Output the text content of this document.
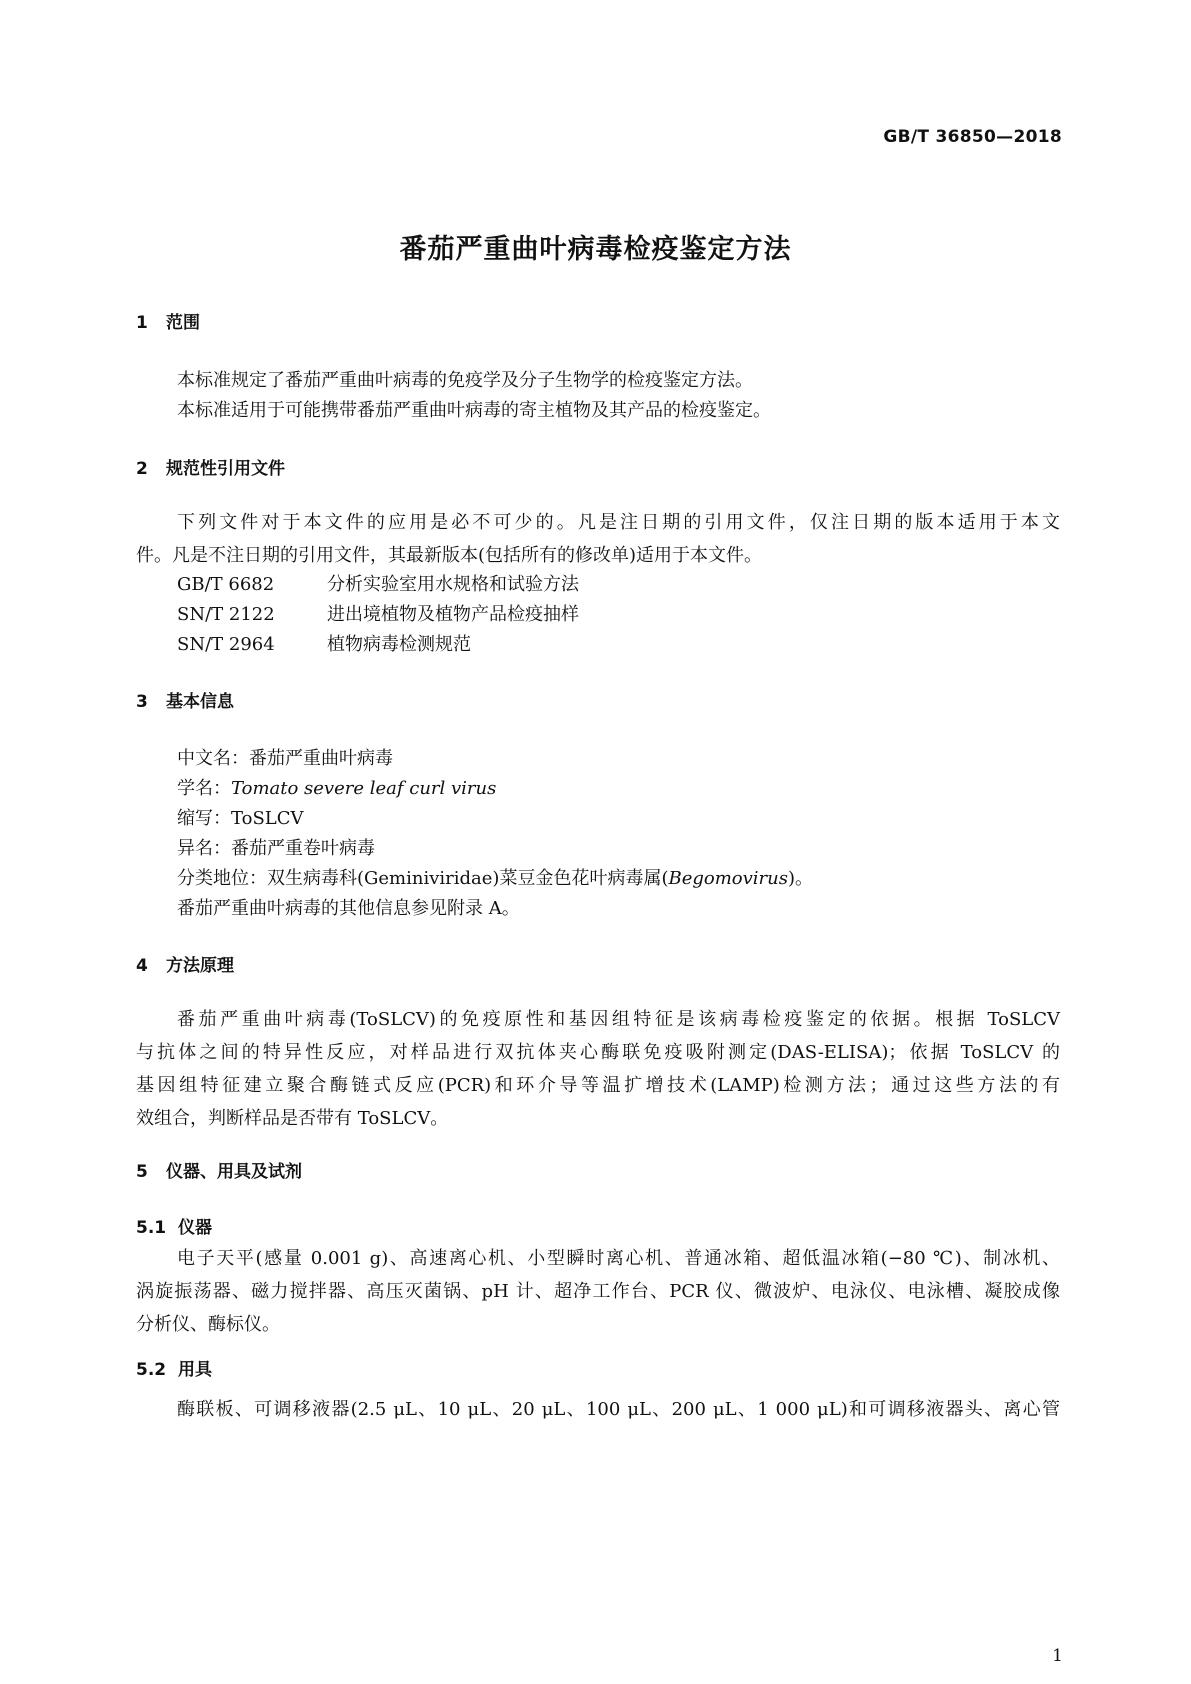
GB/T 36850—2018
番茄严重曲叶病毒检疫鉴定方法
1 范围
本标准规定了番茄严重曲叶病毒的免疫学及分子生物学的检疫鉴定方法。
本标准适用于可能携带番茄严重曲叶病毒的寄主植物及其产品的检疫鉴定。
2 规范性引用文件
下列文件对于本文件的应用是必不可少的。凡是注日期的引用文件，仅注日期的版本适用于本文
件。凡是不注日期的引用文件，其最新版本(包括所有的修改单)适用于本文件。
GB/T 6682	分析实验室用水规格和试验方法
SN/T 2122	进出境植物及植物产品检疫抽样
SN/T 2964	植物病毒检测规范
3 基本信息
中文名：番茄严重曲叶病毒
学名：Tomato severe leaf curl virus
缩写：ToSLCV
异名：番茄严重卷叶病毒
分类地位：双生病毒科(Geminiviridae)菜豆金色花叶病毒属(Begomovirus)。
番茄严重曲叶病毒的其他信息参见附录 A。
4 方法原理
番茄严重曲叶病毒(ToSLCV)的免疫原性和基因组特征是该病毒检疫鉴定的依据。根据 ToSLCV
与抗体之间的特异性反应，对样品进行双抗体夹心酶联免疫吸附测定(DAS-ELISA)；依据 ToSLCV 的
基因组特征建立聚合酶链式反应(PCR)和环介导等温扩增技术(LAMP)检测方法；通过这些方法的有
效组合，判断样品是否带有 ToSLCV。
5 仪器、用具及试剂
5.1 仪器
电子天平(感量 0.001 g)、高速离心机、小型瞬时离心机、普通冰箱、超低温冰箱(−80 ℃)、制冰机、
涡旋振荡器、磁力搅拌器、高压灭菌锅、pH 计、超净工作台、PCR 仪、微波炉、电泳仪、电泳槽、凝胶成像
分析仪、酶标仪。
5.2 用具
酶联板、可调移液器(2.5 μL、10 μL、20 μL、100 μL、200 μL、1 000 μL)和可调移液器头、离心管
1
